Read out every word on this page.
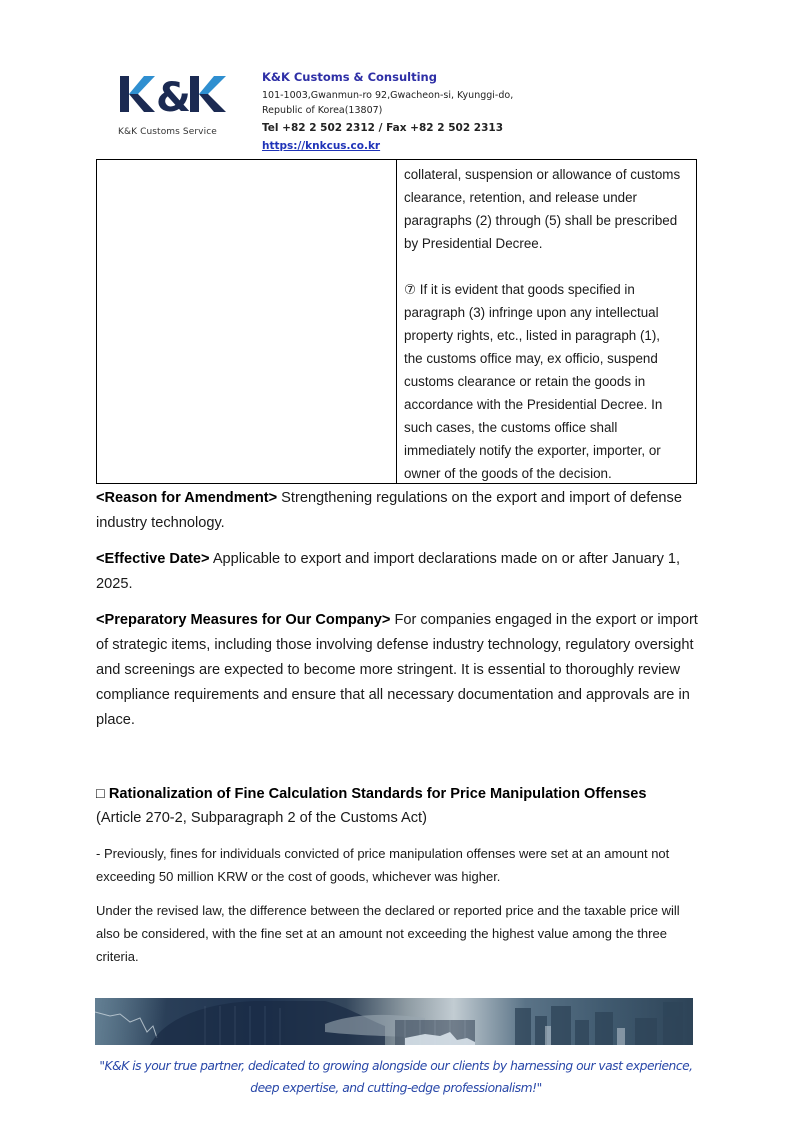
&
K&K Customs Service
K&K Customs & Consulting
101-1003,Gwanmun-ro 92,Gwacheon-si, Kyunggi-do,
Republic of Korea(13807)
Tel +82 2 502 2312 / Fax +82 2 502 2313
https://knkcus.co.kr

collateral, suspension or allowance of customs

clearance, retention, and release under

paragraphs (2) through (5) shall be prescribed

by Presidential Decree.

⑦ If it is evident that goods specified in

paragraph (3) infringe upon any intellectual

property rights, etc., listed in paragraph (1),

the customs office may, ex officio, suspend

customs clearance or retain the goods in

accordance with the Presidential Decree. In

such cases, the customs office shall

immediately notify the exporter, importer, or

owner of the goods of the decision.

<Reason for Amendment> Strengthening regulations on the export and import of defense industry technology.
<Effective Date> Applicable to export and import declarations made on or after January 1, 2025.
<Preparatory Measures for Our Company> For companies engaged in the export or import of strategic items, including those involving defense industry technology, regulatory oversight and screenings are expected to become more stringent. It is essential to thoroughly review compliance requirements and ensure that all necessary documentation and approvals are in place.
□ Rationalization of Fine Calculation Standards for Price Manipulation Offenses
(Article 270-2, Subparagraph 2 of the Customs Act)
- Previously, fines for individuals convicted of price manipulation offenses were set at an amount not exceeding 50 million KRW or the cost of goods, whichever was higher.
Under the revised law, the difference between the declared or reported price and the taxable price will also be considered, with the fine set at an amount not exceeding the highest value among the three criteria.
"K&K is your true partner, dedicated to growing alongside our clients by harnessing our vast experience,
deep expertise, and cutting-edge professionalism!"
